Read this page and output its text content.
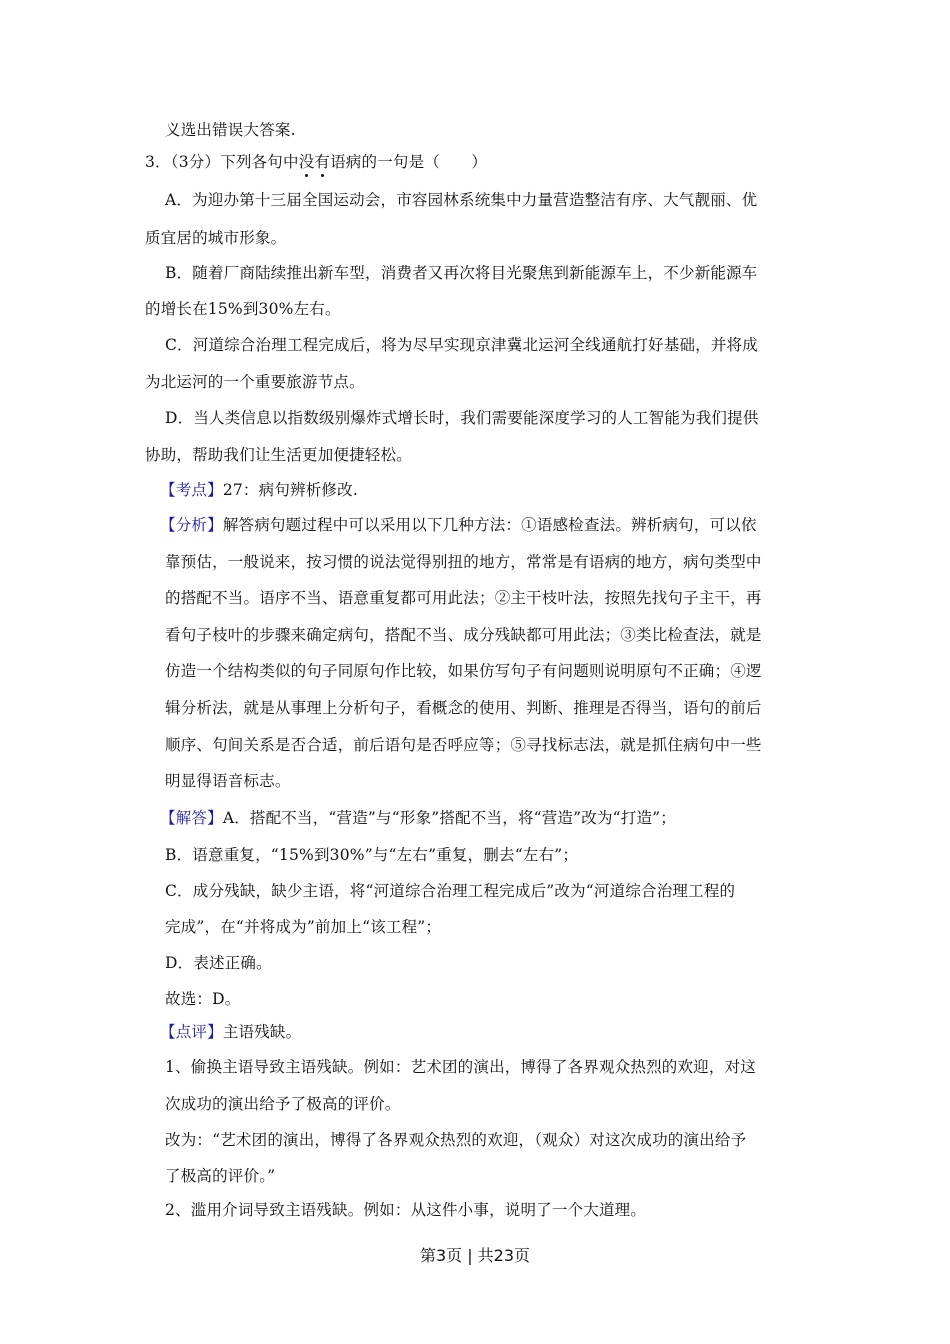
义选出错误大答案.
3．（3分）下列各句中没有语病的一句是（　　）
A．为迎办第十三届全国运动会，市容园林系统集中力量营造整洁有序、大气靓丽、优
质宜居的城市形象。
B．随着厂商陆续推出新车型，消费者又再次将目光聚焦到新能源车上，不少新能源车
的增长在15%到30%左右。
C．河道综合治理工程完成后，将为尽早实现京津冀北运河全线通航打好基础，并将成
为北运河的一个重要旅游节点。
D．当人类信息以指数级别爆炸式增长时，我们需要能深度学习的人工智能为我们提供
协助，帮助我们让生活更加便捷轻松。
【考点】27：病句辨析修改.
【分析】解答病句题过程中可以采用以下几种方法：①语感检查法。辨析病句，可以依
靠预估，一般说来，按习惯的说法觉得别扭的地方，常常是有语病的地方，病句类型中
的搭配不当。语序不当、语意重复都可用此法；②主干枝叶法，按照先找句子主干，再
看句子枝叶的步骤来确定病句，搭配不当、成分残缺都可用此法；③类比检查法，就是
仿造一个结构类似的句子同原句作比较，如果仿写句子有问题则说明原句不正确；④逻
辑分析法，就是从事理上分析句子，看概念的使用、判断、推理是否得当，语句的前后
顺序、句间关系是否合适，前后语句是否呼应等；⑤寻找标志法，就是抓住病句中一些
明显得语音标志。
【解答】A．搭配不当，“营造”与“形象”搭配不当，将“营造”改为“打造”；
B．语意重复，“15%到30%”与“左右”重复，删去“左右”；
C．成分残缺，缺少主语，将“河道综合治理工程完成后”改为“河道综合治理工程的
完成”，在“并将成为”前加上“该工程”；
D．表述正确。
故选：D。
【点评】主语残缺。
1、偷换主语导致主语残缺。例如：艺术团的演出，博得了各界观众热烈的欢迎，对这
次成功的演出给予了极高的评价。
改为：“艺术团的演出，博得了各界观众热烈的欢迎，（观众）对这次成功的演出给予
了极高的评价。”
2、滥用介词导致主语残缺。例如：从这件小事，说明了一个大道理。
第3页 | 共23页
